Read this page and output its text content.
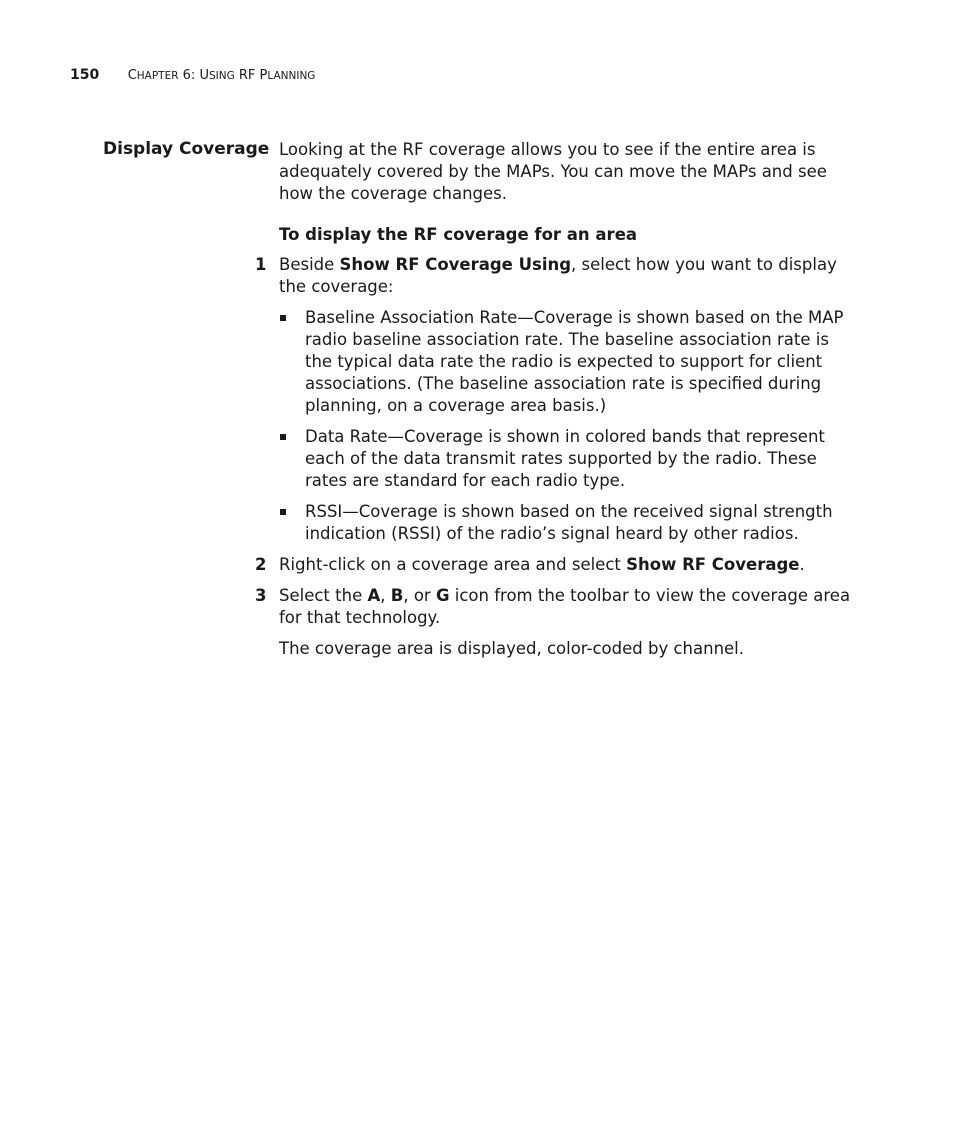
150 CHAPTER 6: USING RF PLANNING
Display Coverage Looking at the RF coverage allows you to see if the entire area is adequately covered by the MAPs. You can move the MAPs and see how the coverage changes.

To display the RF coverage for an area

1 Beside Show RF Coverage Using, select how you want to display the coverage:

Baseline Association Rate—Coverage is shown based on the MAP radio baseline association rate. The baseline association rate is the typical data rate the radio is expected to support for client associations. (The baseline association rate is specified during planning, on a coverage area basis.)
Data Rate—Coverage is shown in colored bands that represent each of the data transmit rates supported by the radio. These rates are standard for each radio type.
RSSI—Coverage is shown based on the received signal strength indication (RSSI) of the radio’s signal heard by other radios.
2 Right-click on a coverage area and select Show RF Coverage.

3 Select the A, B, or G icon from the toolbar to view the coverage area for that technology.

The coverage area is displayed, color-coded by channel.
